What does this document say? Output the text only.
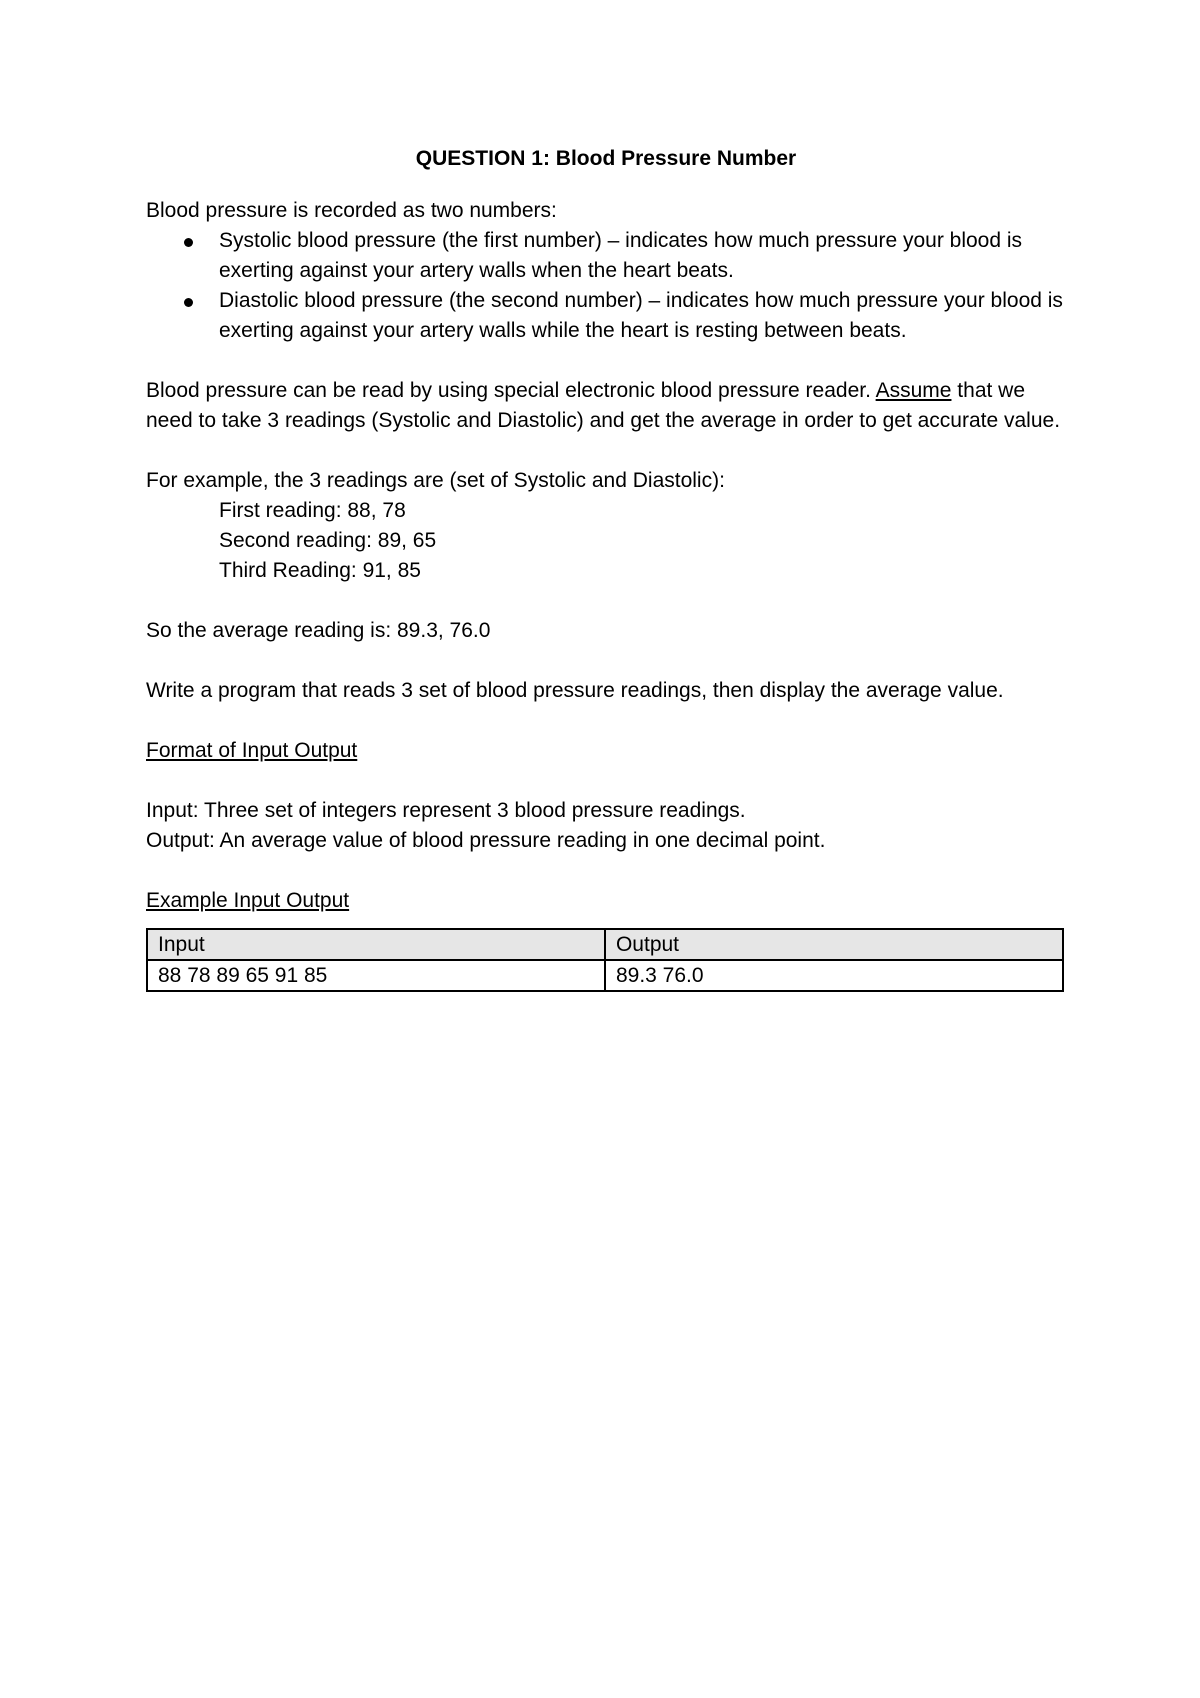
QUESTION 1: Blood Pressure Number

Blood pressure is recorded as two numbers:

Systolic blood pressure (the first number) – indicates how much pressure your blood is exerting against your artery walls when the heart beats.
Diastolic blood pressure (the second number) – indicates how much pressure your blood is exerting against your artery walls while the heart is resting between beats.

Blood pressure can be read by using special electronic blood pressure reader. Assume that we need to take 3 readings (Systolic and Diastolic) and get the average in order to get accurate value.

For example, the 3 readings are (set of Systolic and Diastolic):

First reading: 88, 78

Second reading: 89, 65

Third Reading: 91, 85

So the average reading is: 89.3, 76.0

Write a program that reads 3 set of blood pressure readings, then display the average value.

Format of Input Output

Input: Three set of integers represent 3 blood pressure readings.

Output: An average value of blood pressure reading in one decimal point.

Example Input Output

Input	Output
88 78 89 65 91 85	89.3 76.0
